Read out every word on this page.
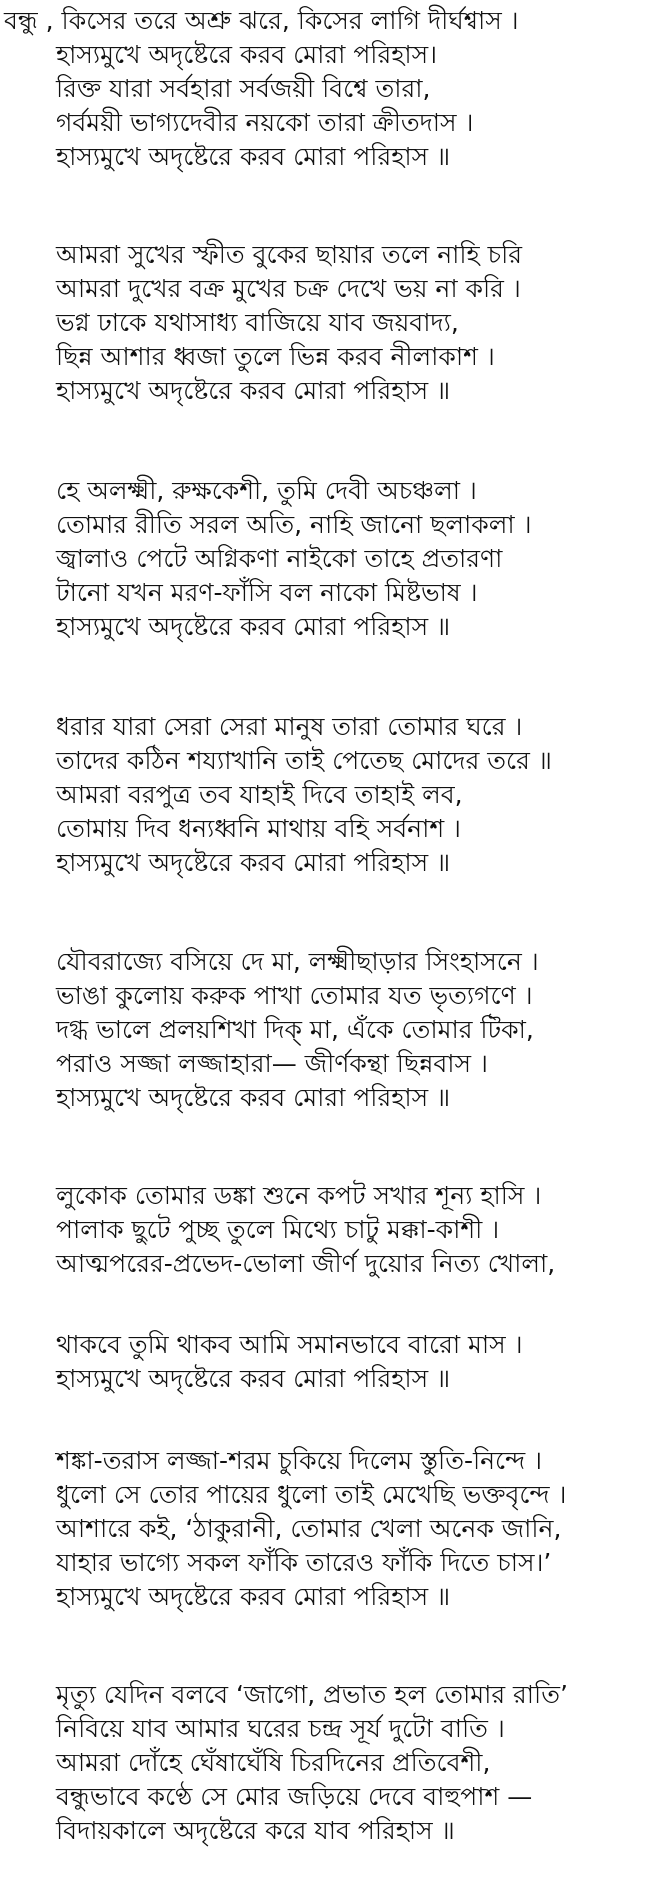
বন্ধু , কিসের তরে অশ্রু ঝরে, কিসের লাগি দীর্ঘশ্বাস ।
হাস্যমুখে অদৃষ্টেরে করব মোরা পরিহাস।
রিক্ত যারা সর্বহারা সর্বজয়ী বিশ্বে তারা,
গর্বময়ী ভাগ্যদেবীর নয়কো তারা ক্রীতদাস ।
হাস্যমুখে অদৃষ্টেরে করব মোরা পরিহাস ॥
আমরা সুখের স্ফীত বুকের ছায়ার তলে নাহি চরি
আমরা দুখের বক্র মুখের চক্র দেখে ভয় না করি ।
ভগ্ন ঢাকে যথাসাধ্য বাজিয়ে যাব জয়বাদ্য,
ছিন্ন আশার ধ্বজা তুলে ভিন্ন করব নীলাকাশ ।
হাস্যমুখে অদৃষ্টেরে করব মোরা পরিহাস ॥
হে অলক্ষ্মী, রুক্ষকেশী, তুমি দেবী অচঞ্চলা ।
তোমার রীতি সরল অতি, নাহি জানো ছলাকলা ।
জ্বালাও পেটে অগ্নিকণা নাইকো তাহে প্রতারণা
টানো যখন মরণ-ফাঁসি বল নাকো মিষ্টভাষ ।
হাস্যমুখে অদৃষ্টেরে করব মোরা পরিহাস ॥
ধরার যারা সেরা সেরা মানুষ তারা তোমার ঘরে ।
তাদের কঠিন শয্যাখানি তাই পেতেছ মোদের তরে ॥
আমরা বরপুত্র তব যাহাই দিবে তাহাই লব,
তোমায় দিব ধন্যধ্বনি মাথায় বহি সর্বনাশ ।
হাস্যমুখে অদৃষ্টেরে করব মোরা পরিহাস ॥
যৌবরাজ্যে বসিয়ে দে মা, লক্ষ্মীছাড়ার সিংহাসনে ।
ভাঙা কুলোয় করুক পাখা তোমার যত ভৃত্যগণে ।
দগ্ধ ভালে প্রলয়শিখা দিক্‌ মা, এঁকে তোমার টিকা,
পরাও সজ্জা লজ্জাহারা— জীর্ণকন্থা ছিন্নবাস ।
হাস্যমুখে অদৃষ্টেরে করব মোরা পরিহাস ॥
লুকোক তোমার ডঙ্কা শুনে কপট সখার শূন্য হাসি ।
পালাক ছুটে পুচ্ছ তুলে মিথ্যে চাটু মক্কা-কাশী ।
আত্মপরের-প্রভেদ-ভোলা জীর্ণ দুয়োর নিত্য খোলা,
থাকবে তুমি থাকব আমি সমানভাবে বারো মাস ।
হাস্যমুখে অদৃষ্টেরে করব মোরা পরিহাস ॥
শঙ্কা-তরাস লজ্জা-শরম চুকিয়ে দিলেম স্তুতি-নিন্দে ।
ধুলো সে তোর পায়ের ধুলো তাই মেখেছি ভক্তবৃন্দে ।
আশারে কই, ‘ঠাকুরানী, তোমার খেলা অনেক জানি,
যাহার ভাগ্যে সকল ফাঁকি তারেও ফাঁকি দিতে চাস।’
হাস্যমুখে অদৃষ্টেরে করব মোরা পরিহাস ॥
মৃত্যু যেদিন বলবে ‘জাগো, প্রভাত হল তোমার রাতি’
নিবিয়ে যাব আমার ঘরের চন্দ্র সূর্য দুটো বাতি ।
আমরা দোঁহে ঘেঁষাঘেঁষি চিরদিনের প্রতিবেশী,
বন্ধুভাবে কণ্ঠে সে মোর জড়িয়ে দেবে বাহুপাশ —
বিদায়কালে অদৃষ্টেরে করে যাব পরিহাস ॥
